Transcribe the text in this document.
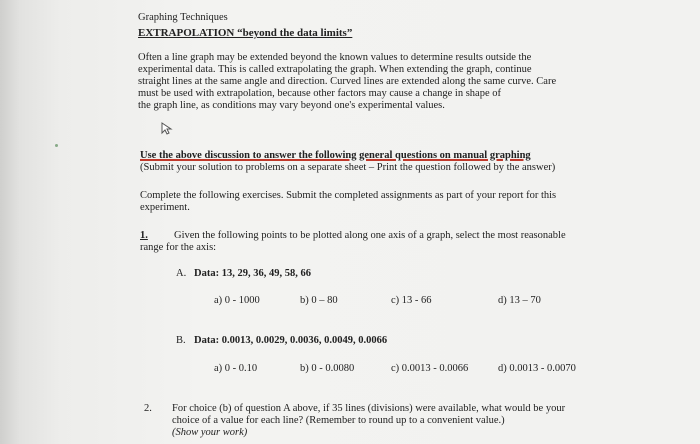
Graphing Techniques
EXTRAPOLATION “beyond the data limits”
Often a line graph may be extended beyond the known values to determine results outside the
experimental data. This is called extrapolating the graph. When extending the graph, continue
straight lines at the same angle and direction. Curved lines are extended along the same curve. Care
must be used with extrapolation, because other factors may cause a change in shape of
the graph line, as conditions may vary beyond one's experimental values.
Use the above discussion to answer the following general questions on manual graphing
(Submit your solution to problems on a separate sheet – Print the question followed by the answer)
Complete the following exercises. Submit the completed assignments as part of your report for this
experiment.
1. Given the following points to be plotted along one axis of a graph, select the most reasonable
range for the axis:
A. Data: 13, 29, 36, 49, 58, 66
a) 0 - 1000	b) 0 – 80	c) 13 - 66	d) 13 – 70
B. Data: 0.0013, 0.0029, 0.0036, 0.0049, 0.0066
a) 0 - 0.10	b) 0 - 0.0080	c) 0.0013 - 0.0066	d) 0.0013 - 0.0070
2. For choice (b) of question A above, if 35 lines (divisions) were available, what would be your
choice of a value for each line? (Remember to round up to a convenient value.)
(Show your work)
